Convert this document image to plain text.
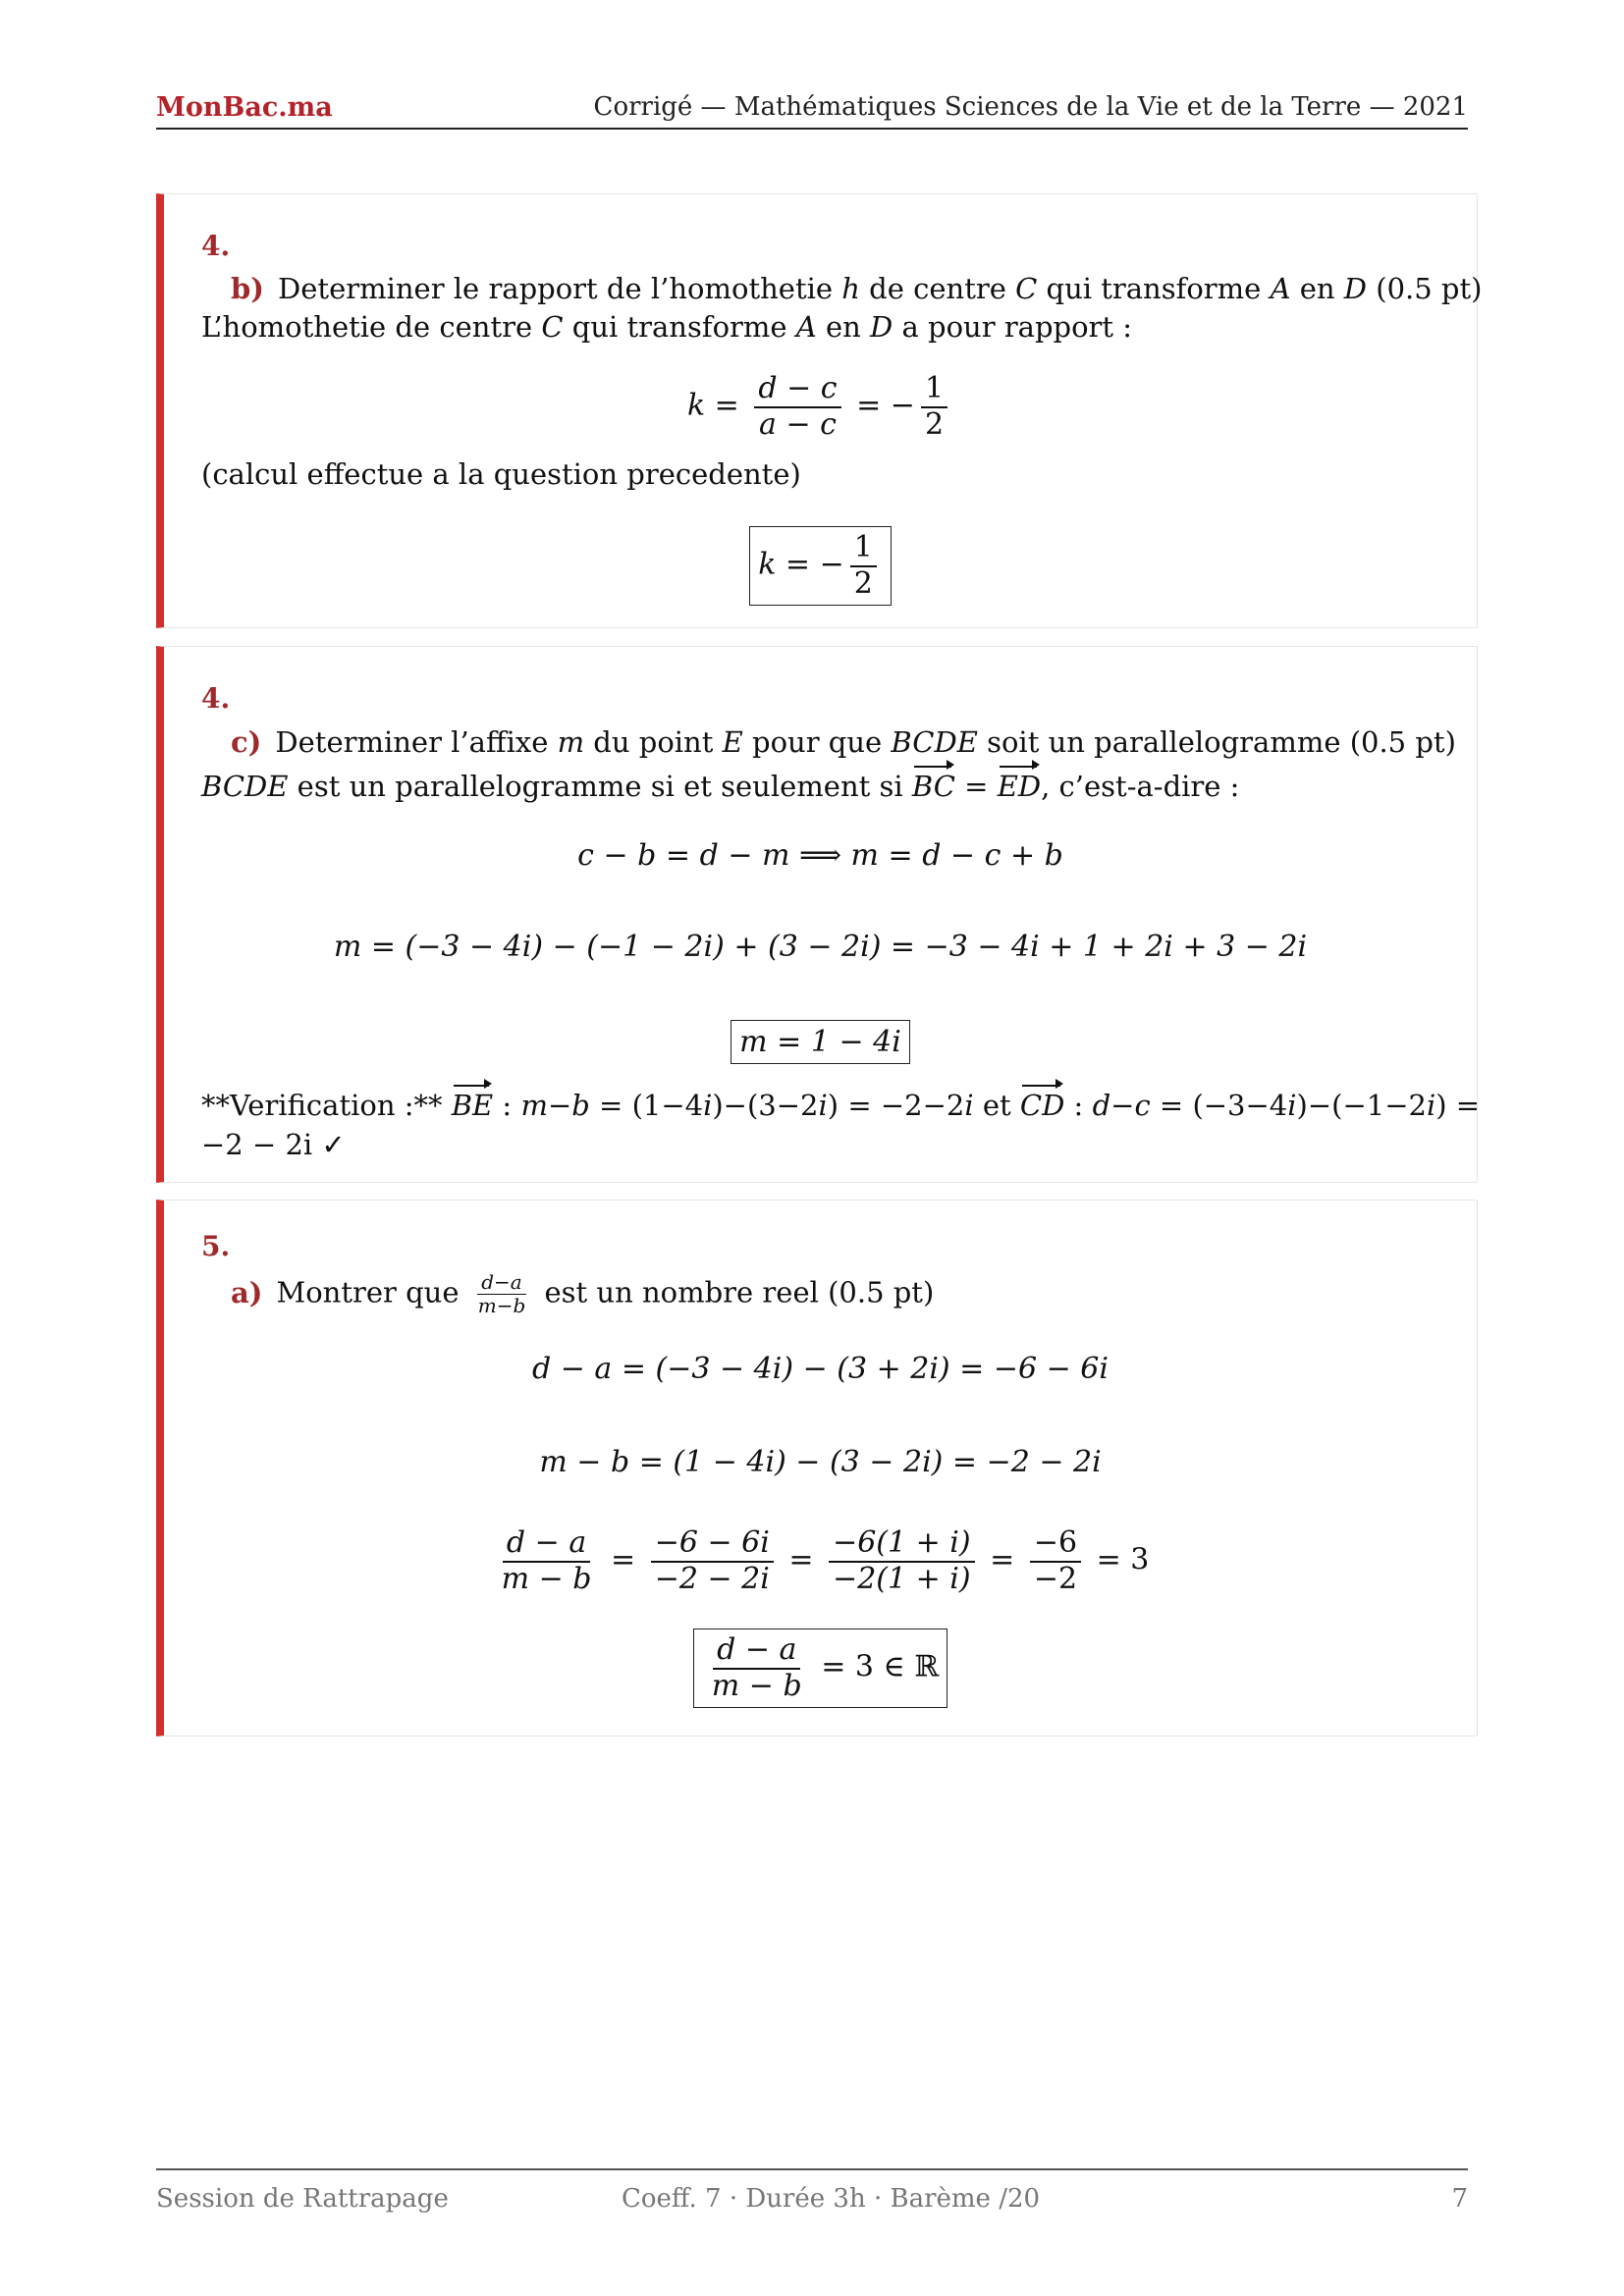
MonBac.ma	Corrigé — Mathématiques Sciences de la Vie et de la Terre — 2021
4.
b) Determiner le rapport de l’homothetie h de centre C qui transforme A en D (0.5 pt)
L’homothetie de centre C qui transforme A en D a pour rapport :
$k = \frac{d - c}{a - c}$ = − $\frac{1}{2}$
(calcul effectue a la question precedente)
k = − $\frac{1}{2}$
4.
c) Determiner l’affixe m du point E pour que BCDE soit un parallelogramme (0.5 pt)
BCDE est un parallelogramme si et seulement si BC = ED, c’est-a-dire :
c − b = d − m ⟹ m = d − c + b
m = (−3 − 4i) − (−1 − 2i) + (3 − 2i) = −3 − 4i + 1 + 2i + 3 − 2i
m = 1 − 4i
**Verification :** BE : m−b = (1−4i)−(3−2i) = −2−2i et CD : d−c = (−3−4i)−(−1−2i) =
−2 − 2i ✓
5.
a) Montrer que $\frac{d-a}{m-b}$ est un nombre reel (0.5 pt)
d − a = (−3 − 4i) − (3 + 2i) = −6 − 6i
m − b = (1 − 4i) − (3 − 2i) = −2 − 2i
$\frac{d - a}{m - b} = \frac{-6 - 6i}{-2 - 2i} = \frac{-6(1 + i)}{-2(1 + i)} = \frac{-6}{-2} = 3$
$\frac{d - a}{m - b} = 3$ ∈ ℝ
Session de Rattrapage	Coeff. 7 · Durée 3h · Barème /20	7
